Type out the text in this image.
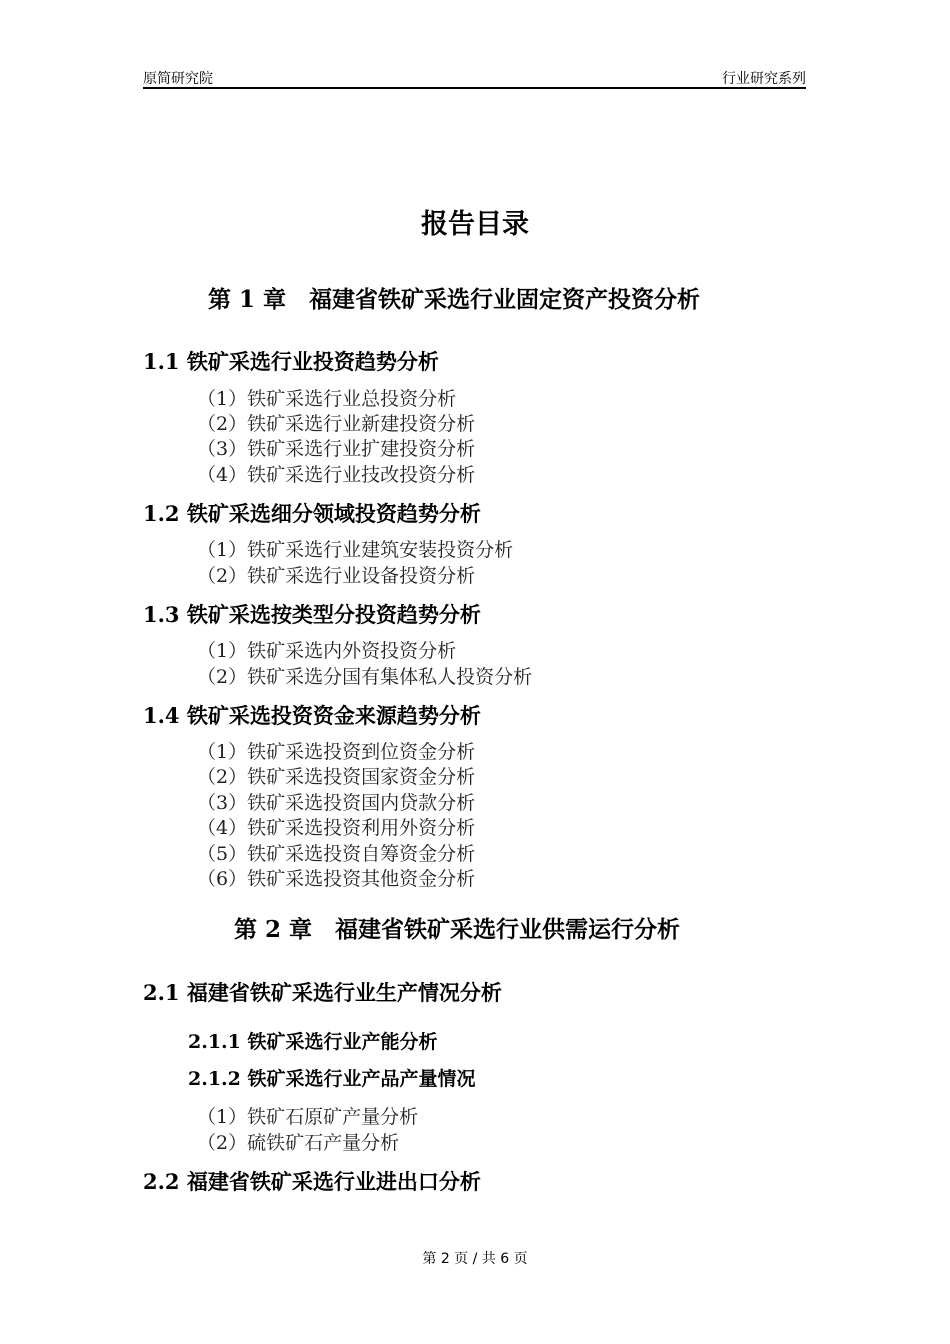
原简研究院	行业研究系列
报告目录
第 1 章　福建省铁矿采选行业固定资产投资分析
1.1 铁矿采选行业投资趋势分析
（1）铁矿采选行业总投资分析
（2）铁矿采选行业新建投资分析
（3）铁矿采选行业扩建投资分析
（4）铁矿采选行业技改投资分析
1.2 铁矿采选细分领域投资趋势分析
（1）铁矿采选行业建筑安装投资分析
（2）铁矿采选行业设备投资分析
1.3 铁矿采选按类型分投资趋势分析
（1）铁矿采选内外资投资分析
（2）铁矿采选分国有集体私人投资分析
1.4 铁矿采选投资资金来源趋势分析
（1）铁矿采选投资到位资金分析
（2）铁矿采选投资国家资金分析
（3）铁矿采选投资国内贷款分析
（4）铁矿采选投资利用外资分析
（5）铁矿采选投资自筹资金分析
（6）铁矿采选投资其他资金分析
第 2 章　福建省铁矿采选行业供需运行分析
2.1 福建省铁矿采选行业生产情况分析
2.1.1 铁矿采选行业产能分析
2.1.2 铁矿采选行业产品产量情况
（1）铁矿石原矿产量分析
（2）硫铁矿石产量分析
2.2 福建省铁矿采选行业进出口分析
第 2 页 / 共 6 页
